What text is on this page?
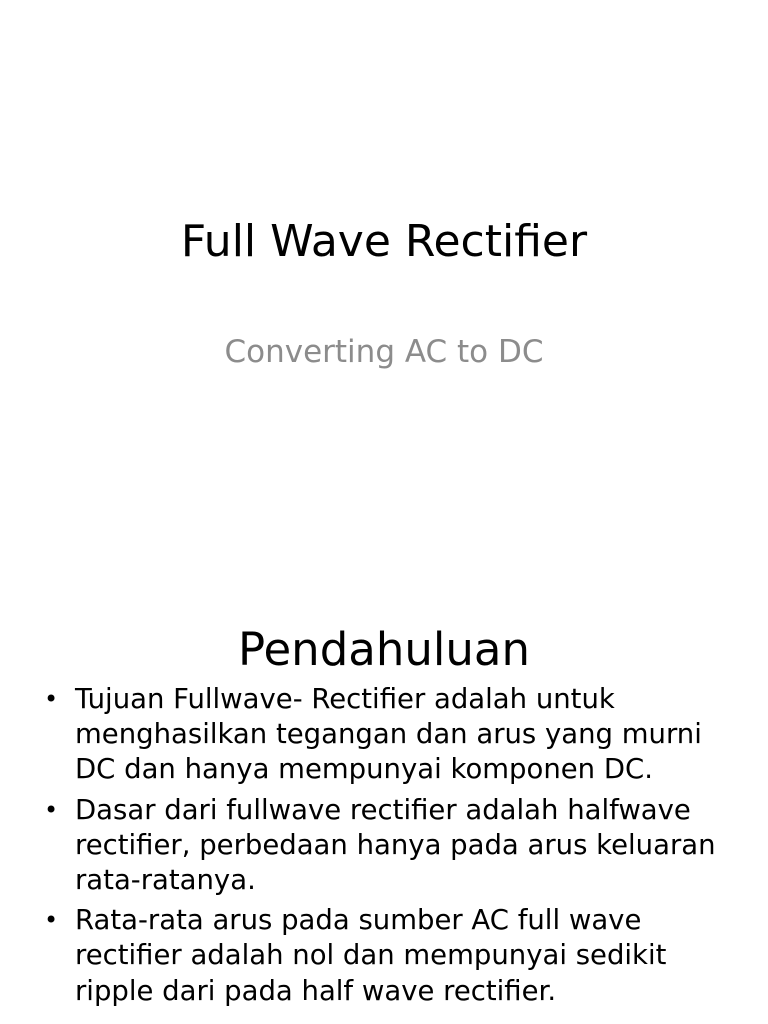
Full Wave Rectifier
Converting AC to DC
Pendahuluan
• Tujuan Fullwave- Rectifier adalah untuk menghasilkan tegangan dan arus yang murni DC dan hanya mempunyai komponen DC.
• Dasar dari fullwave rectifier adalah halfwave rectifier, perbedaan hanya pada arus keluaran rata-ratanya.
• Rata-rata arus pada sumber AC full wave rectifier adalah nol dan mempunyai sedikit ripple dari pada half wave rectifier.
